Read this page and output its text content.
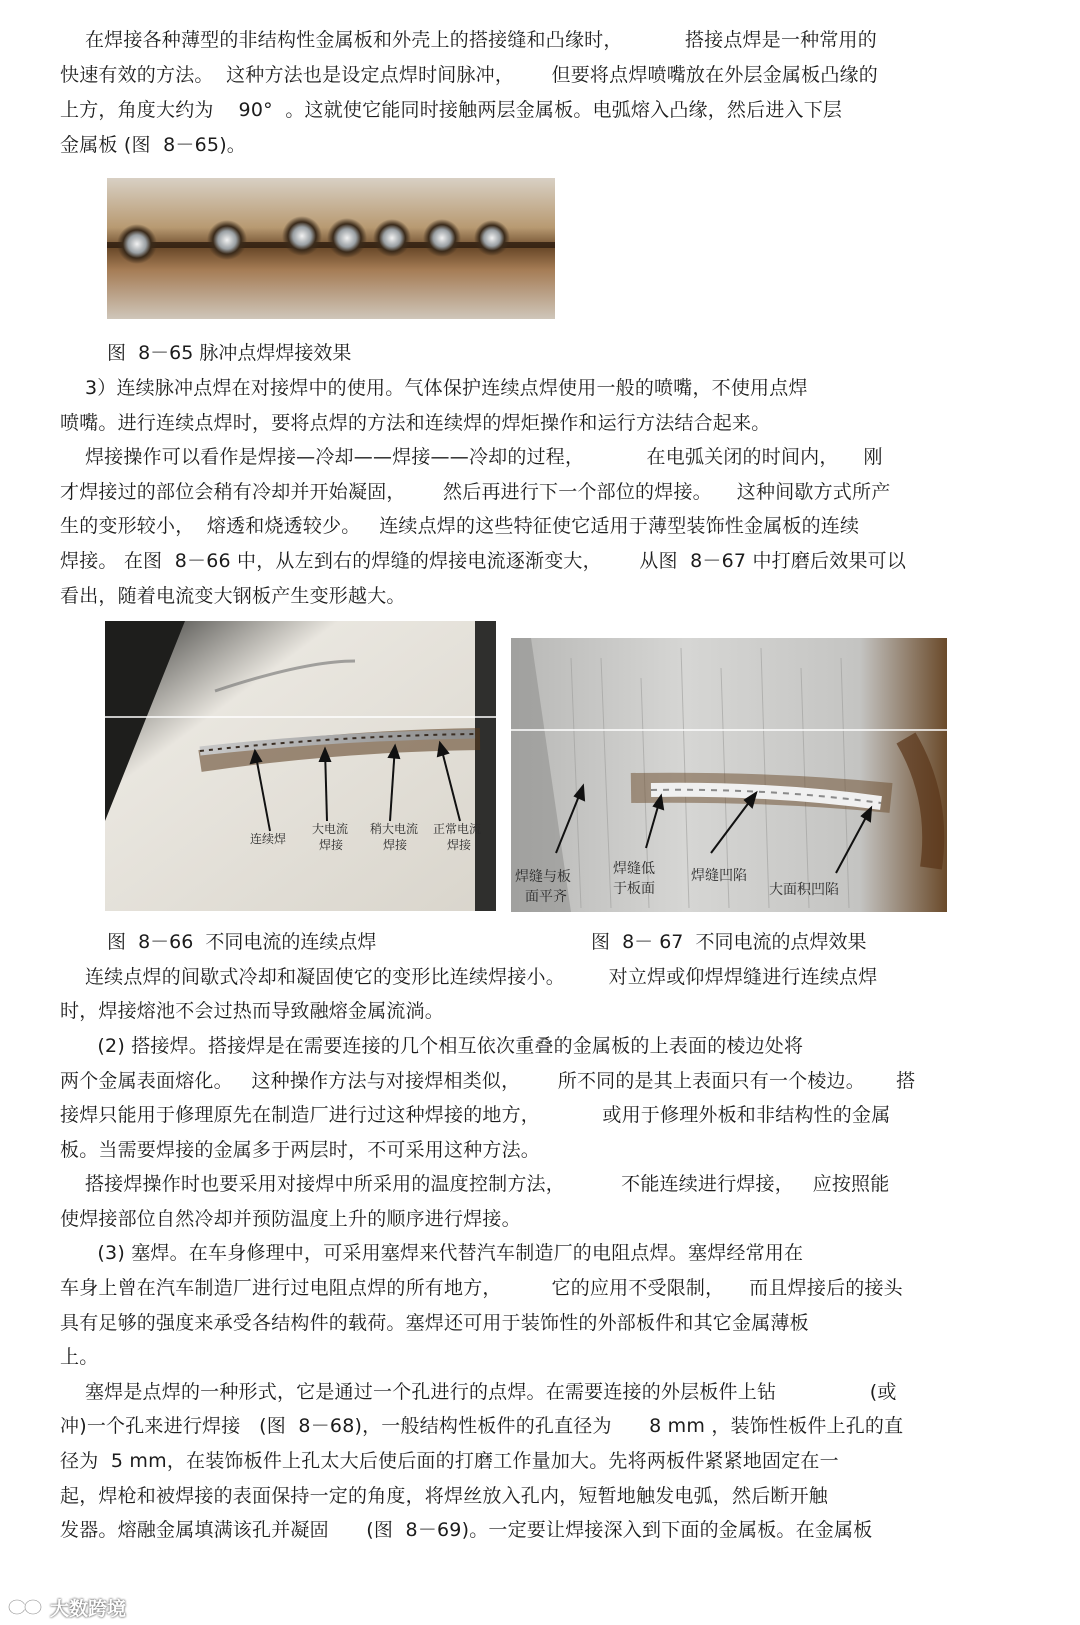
在焊接各种薄型的非结构性金属板和外壳上的搭接缝和凸缘时，          搭接点焊是一种常用的
快速有效的方法。  这种方法也是设定点焊时间脉冲，      但要将点焊喷嘴放在外层金属板凸缘的
上方，角度大约为    90°  。这就使它能同时接触两层金属板。电弧熔入凸缘，然后进入下层
金属板 (图  8－65)。
图  8－65 脉冲点焊焊接效果
3）连续脉冲点焊在对接焊中的使用。气体保护连续点焊使用一般的喷嘴，不使用点焊
喷嘴。进行连续点焊时，要将点焊的方法和连续焊的焊炬操作和运行方法结合起来。
焊接操作可以看作是焊接—冷却——焊接——冷却的过程，          在电弧关闭的时间内，    刚
才焊接过的部位会稍有冷却并开始凝固，      然后再进行下一个部位的焊接。    这种间歇方式所产
生的变形较小，  熔透和烧透较少。   连续点焊的这些特征使它适用于薄型装饰性金属板的连续
焊接。 在图  8－66 中，从左到右的焊缝的焊接电流逐渐变大，      从图  8－67 中打磨后效果可以
看出，随着电流变大钢板产生变形越大。
连续焊
大电流
焊接
稍大电流
焊接
正常电流
焊接
焊缝与板
面平齐
焊缝低
于板面
焊缝凹陷
大面积凹陷
图  8－66  不同电流的连续点焊	图  8－ 67  不同电流的点焊效果
连续点焊的间歇式冷却和凝固使它的变形比连续焊接小。       对立焊或仰焊焊缝进行连续点焊
时，焊接熔池不会过热而导致融熔金属流淌。
(2) 搭接焊。搭接焊是在需要连接的几个相互依次重叠的金属板的上表面的棱边处将
两个金属表面熔化。   这种操作方法与对接焊相类似，      所不同的是其上表面只有一个棱边。     搭
接焊只能用于修理原先在制造厂进行过这种焊接的地方，          或用于修理外板和非结构性的金属
板。当需要焊接的金属多于两层时，不可采用这种方法。
搭接焊操作时也要采用对接焊中所采用的温度控制方法，         不能连续进行焊接，   应按照能
使焊接部位自然冷却并预防温度上升的顺序进行焊接。
(3) 塞焊。在车身修理中，可采用塞焊来代替汽车制造厂的电阻点焊。塞焊经常用在
车身上曾在汽车制造厂进行过电阻点焊的所有地方，        它的应用不受限制，    而且焊接后的接头
具有足够的强度来承受各结构件的载荷。塞焊还可用于装饰性的外部板件和其它金属薄板
上。
塞焊是点焊的一种形式，它是通过一个孔进行的点焊。在需要连接的外层板件上钻               (或
冲)一个孔来进行焊接   (图  8－68)，一般结构性板件的孔直径为      8 mm ，装饰性板件上孔的直
径为  5 mm，在装饰板件上孔太大后使后面的打磨工作量加大。先将两板件紧紧地固定在一
起，焊枪和被焊接的表面保持一定的角度，将焊丝放入孔内，短暂地触发电弧，然后断开触
发器。熔融金属填满该孔并凝固      (图  8－69)。一定要让焊接深入到下面的金属板。在金属板
大数跨境
